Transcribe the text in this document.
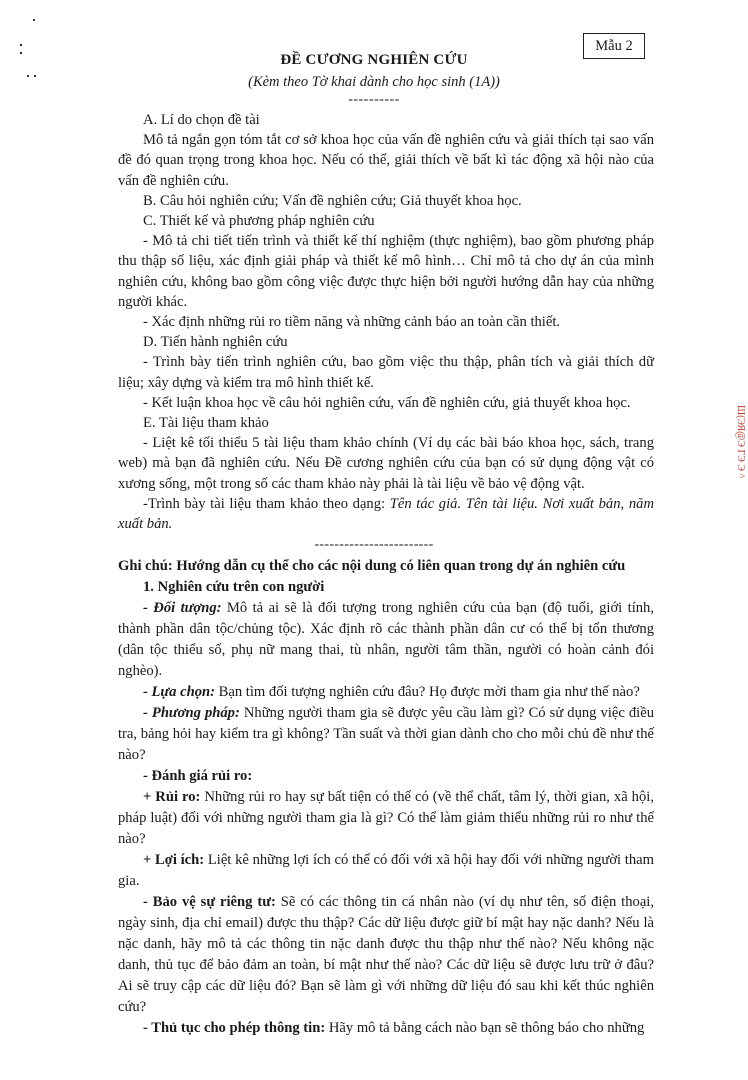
Mẫu 2
ĐỀ CƯƠNG NGHIÊN CỨU
(Kèm theo Tờ khai dành cho học sinh (1A))
----------

A. Lí do chọn đề tài

Mô tả ngắn gọn tóm tắt cơ sở khoa học của vấn đề nghiên cứu và giải thích tại sao vấn đề đó quan trọng trong khoa học. Nếu có thể, giải thích về bất kì tác động xã hội nào của vấn đề nghiên cứu.

B. Câu hỏi nghiên cứu; Vấn đề nghiên cứu; Giả thuyết khoa học.

C. Thiết kế và phương pháp nghiên cứu

- Mô tả chi tiết tiến trình và thiết kế thí nghiệm (thực nghiệm), bao gồm phương pháp thu thập số liệu, xác định giải pháp và thiết kế mô hình… Chỉ mô tả cho dự án của mình nghiên cứu, không bao gồm công việc được thực hiện bởi người hướng dẫn hay của những người khác.

- Xác định những rủi ro tiềm năng và những cảnh báo an toàn cần thiết.

D. Tiến hành nghiên cứu

- Trình bày tiến trình nghiên cứu, bao gồm việc thu thập, phân tích và giải thích dữ liệu; xây dựng và kiểm tra mô hình thiết kế.

- Kết luận khoa học về câu hỏi nghiên cứu, vấn đề nghiên cứu, giả thuyết khoa học.

E. Tài liệu tham khảo

- Liệt kê tối thiểu 5 tài liệu tham khảo chính (Ví dụ các bài báo khoa học, sách, trang web) mà bạn đã nghiên cứu. Nếu Đề cương nghiên cứu của bạn có sử dụng động vật có xương sống, một trong số các tham khảo này phải là tài liệu về bảo vệ động vật.

-Trình bày tài liệu tham khảo theo dạng: Tên tác giả. Tên tài liệu. Nơi xuất bản, năm xuất bản.

------------------------

Ghi chú: Hướng dẫn cụ thể cho các nội dung có liên quan trong dự án nghiên cứu

1. Nghiên cứu trên con người

- Đối tượng: Mô tả ai sẽ là đối tượng trong nghiên cứu của bạn (độ tuổi, giới tính, thành phần dân tộc/chủng tộc). Xác định rõ các thành phần dân cư có thể bị tổn thương (dân tộc thiểu số, phụ nữ mang thai, tù nhân, người tâm thần, người có hoàn cảnh đói nghèo).

- Lựa chọn: Bạn tìm đối tượng nghiên cứu đâu? Họ được mời tham gia như thế nào?

- Phương pháp: Những người tham gia sẽ được yêu cầu làm gì? Có sử dụng việc điều tra, bảng hỏi hay kiểm tra gì không? Tần suất và thời gian dành cho cho mỗi chủ đề như thế nào?

- Đánh giá rủi ro:

+ Rủi ro: Những rủi ro hay sự bất tiện có thể có (về thể chất, tâm lý, thời gian, xã hội, pháp luật) đối với những người tham gia là gì? Có thể làm giảm thiểu những rủi ro như thế nào?

+ Lợi ích: Liệt kê những lợi ích có thể có đối với xã hội hay đối với những người tham gia.

- Bảo vệ sự riêng tư: Sẽ có các thông tin cá nhân nào (ví dụ như tên, số điện thoại, ngày sinh, địa chỉ email) được thu thập? Các dữ liệu được giữ bí mật hay nặc danh? Nếu là nặc danh, hãy mô tả các thông tin nặc danh được thu thập như thế nào? Nếu không nặc danh, thủ tục để bảo đảm an toàn, bí mật như thế nào? Các dữ liệu sẽ được lưu trữ ở đâu? Ai sẽ truy cập các dữ liệu đó? Bạn sẽ làm gì với những dữ liệu đó sau khi kết thúc nghiên cứu?

- Thủ tục cho phép thông tin: Hãy mô tả bằng cách nào bạn sẽ thông báo cho những

Ш(ЭЯ@Э ГЭ Э ^
